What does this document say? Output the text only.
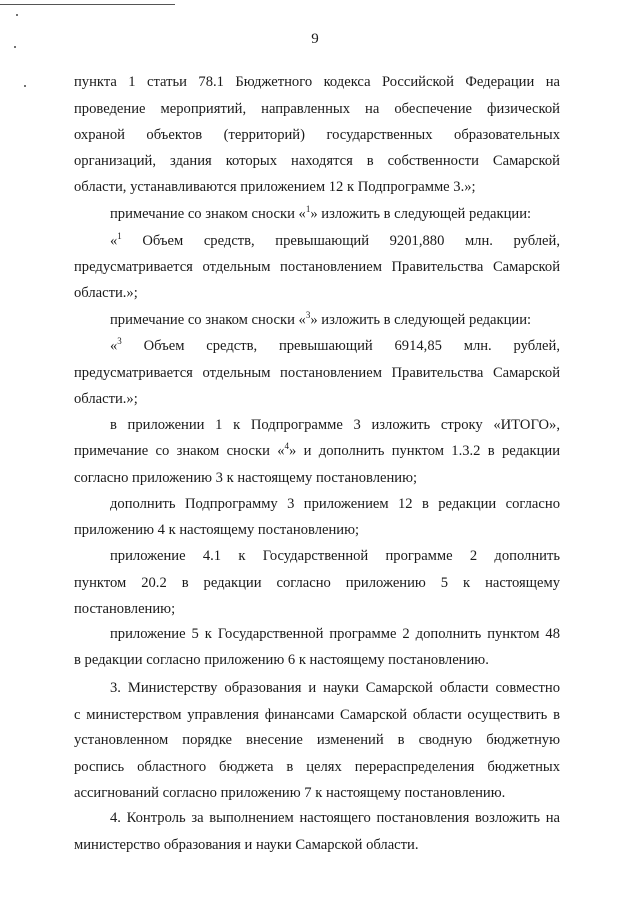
9
пункта 1 статьи 78.1 Бюджетного кодекса Российской Федерации на
проведение мероприятий, направленных на обеспечение физической
охраной объектов (территорий) государственных образовательных
организаций, здания которых находятся в собственности Самарской
области, устанавливаются приложением 12 к Подпрограмме 3.»;
примечание со знаком сноски «$^1$» изложить в следующей редакции:
«$^1$ Объем средств, превышающий 9201,880 млн. рублей,
предусматривается отдельным постановлением Правительства Самарской
области.»;
примечание со знаком сноски «$^3$» изложить в следующей редакции:
«$^3$ Объем средств, превышающий 6914,85 млн. рублей,
предусматривается отдельным постановлением Правительства Самарской
области.»;
в приложении 1 к Подпрограмме 3 изложить строку «ИТОГО»,
примечание со знаком сноски «$^4$» и дополнить пунктом 1.3.2 в редакции
согласно приложению 3 к настоящему постановлению;
дополнить Подпрограмму 3 приложением 12 в редакции согласно
приложению 4 к настоящему постановлению;
приложение 4.1 к Государственной программе 2 дополнить
пунктом 20.2 в редакции согласно приложению 5 к настоящему
постановлению;
приложение 5 к Государственной программе 2 дополнить пунктом 48
в редакции согласно приложению 6 к настоящему постановлению.
3. Министерству образования и науки Самарской области совместно
с министерством управления финансами Самарской области осуществить в
установленном порядке внесение изменений в сводную бюджетную
роспись областного бюджета в целях перераспределения бюджетных
ассигнований согласно приложению 7 к настоящему постановлению.
4. Контроль за выполнением настоящего постановления возложить на
министерство образования и науки Самарской области.
